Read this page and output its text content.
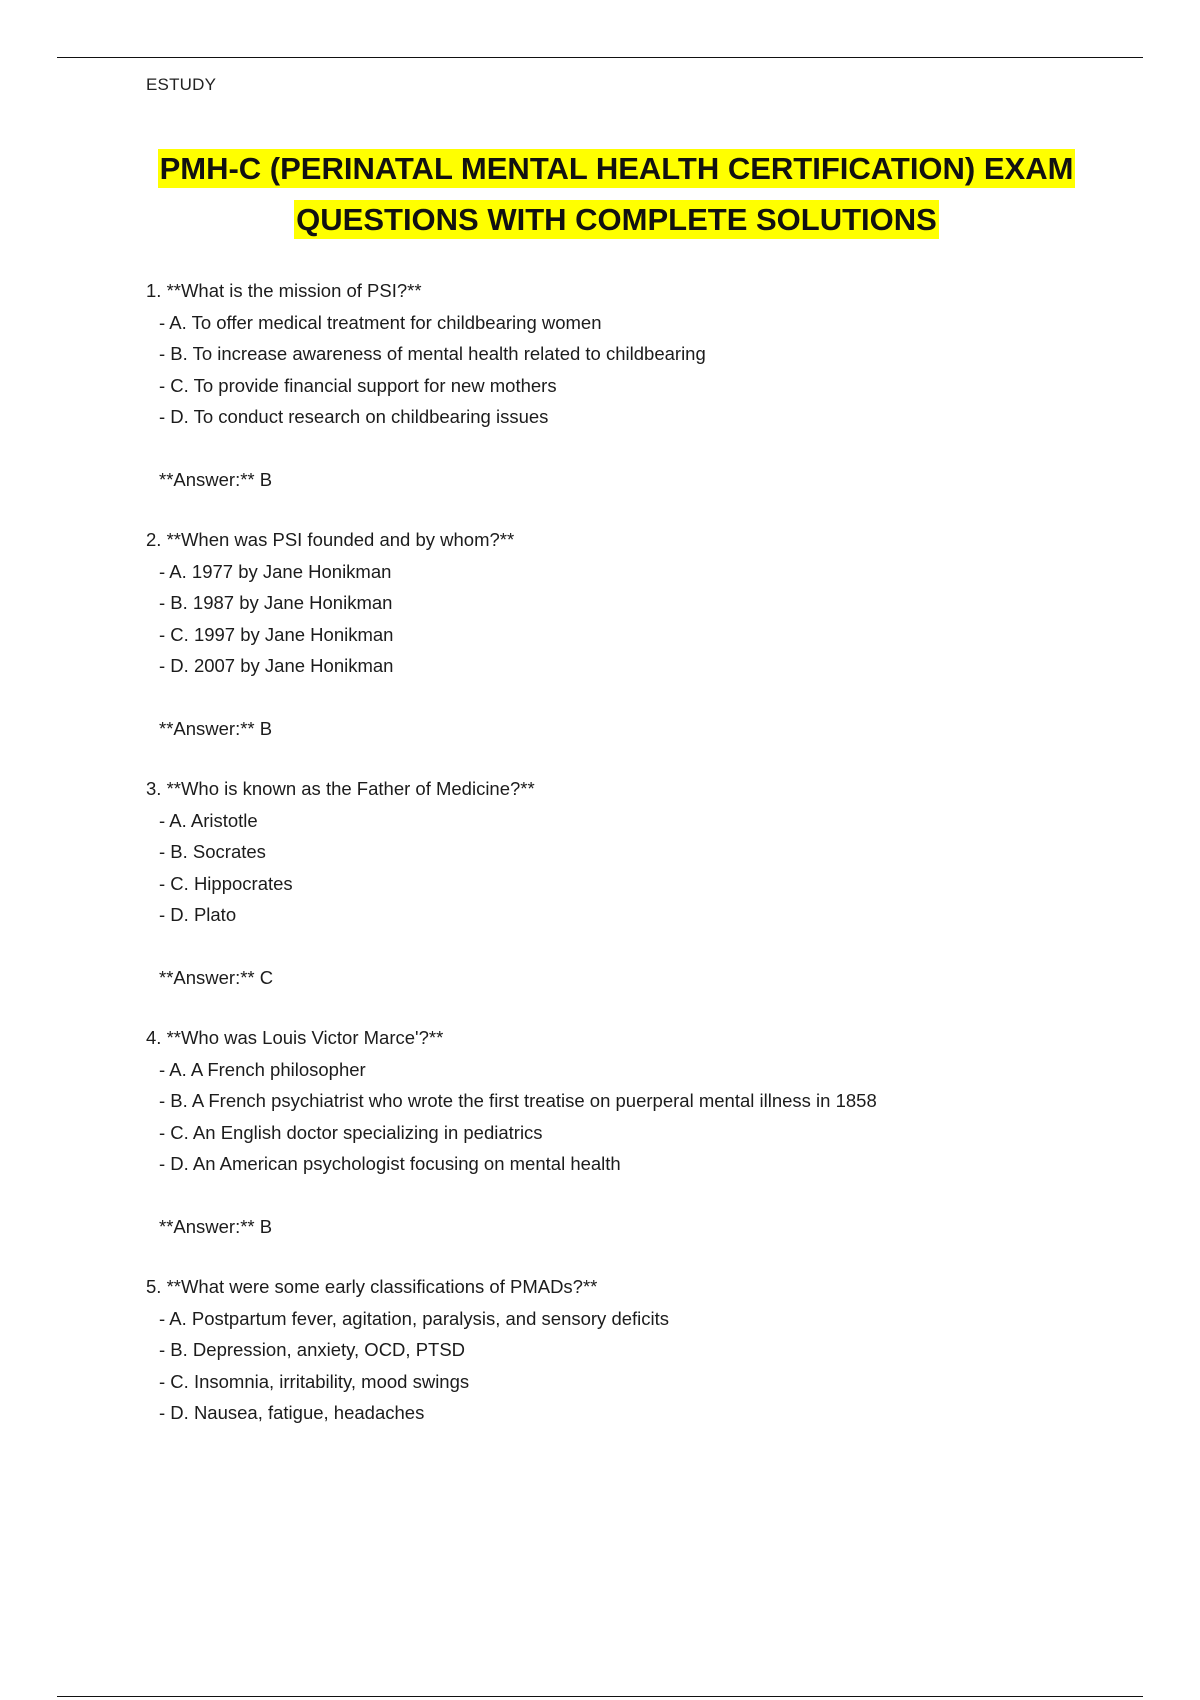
ESTUDY
PMH-C (PERINATAL MENTAL HEALTH CERTIFICATION) EXAM
QUESTIONS WITH COMPLETE SOLUTIONS
1. **What is the mission of PSI?**
- A. To offer medical treatment for childbearing women
- B. To increase awareness of mental health related to childbearing
- C. To provide financial support for new mothers
- D. To conduct research on childbearing issues
**Answer:** B
2. **When was PSI founded and by whom?**
- A. 1977 by Jane Honikman
- B. 1987 by Jane Honikman
- C. 1997 by Jane Honikman
- D. 2007 by Jane Honikman
**Answer:** B
3. **Who is known as the Father of Medicine?**
- A. Aristotle
- B. Socrates
- C. Hippocrates
- D. Plato
**Answer:** C
4. **Who was Louis Victor Marce'?**
- A. A French philosopher
- B. A French psychiatrist who wrote the first treatise on puerperal mental illness in 1858
- C. An English doctor specializing in pediatrics
- D. An American psychologist focusing on mental health
**Answer:** B
5. **What were some early classifications of PMADs?**
- A. Postpartum fever, agitation, paralysis, and sensory deficits
- B. Depression, anxiety, OCD, PTSD
- C. Insomnia, irritability, mood swings
- D. Nausea, fatigue, headaches
